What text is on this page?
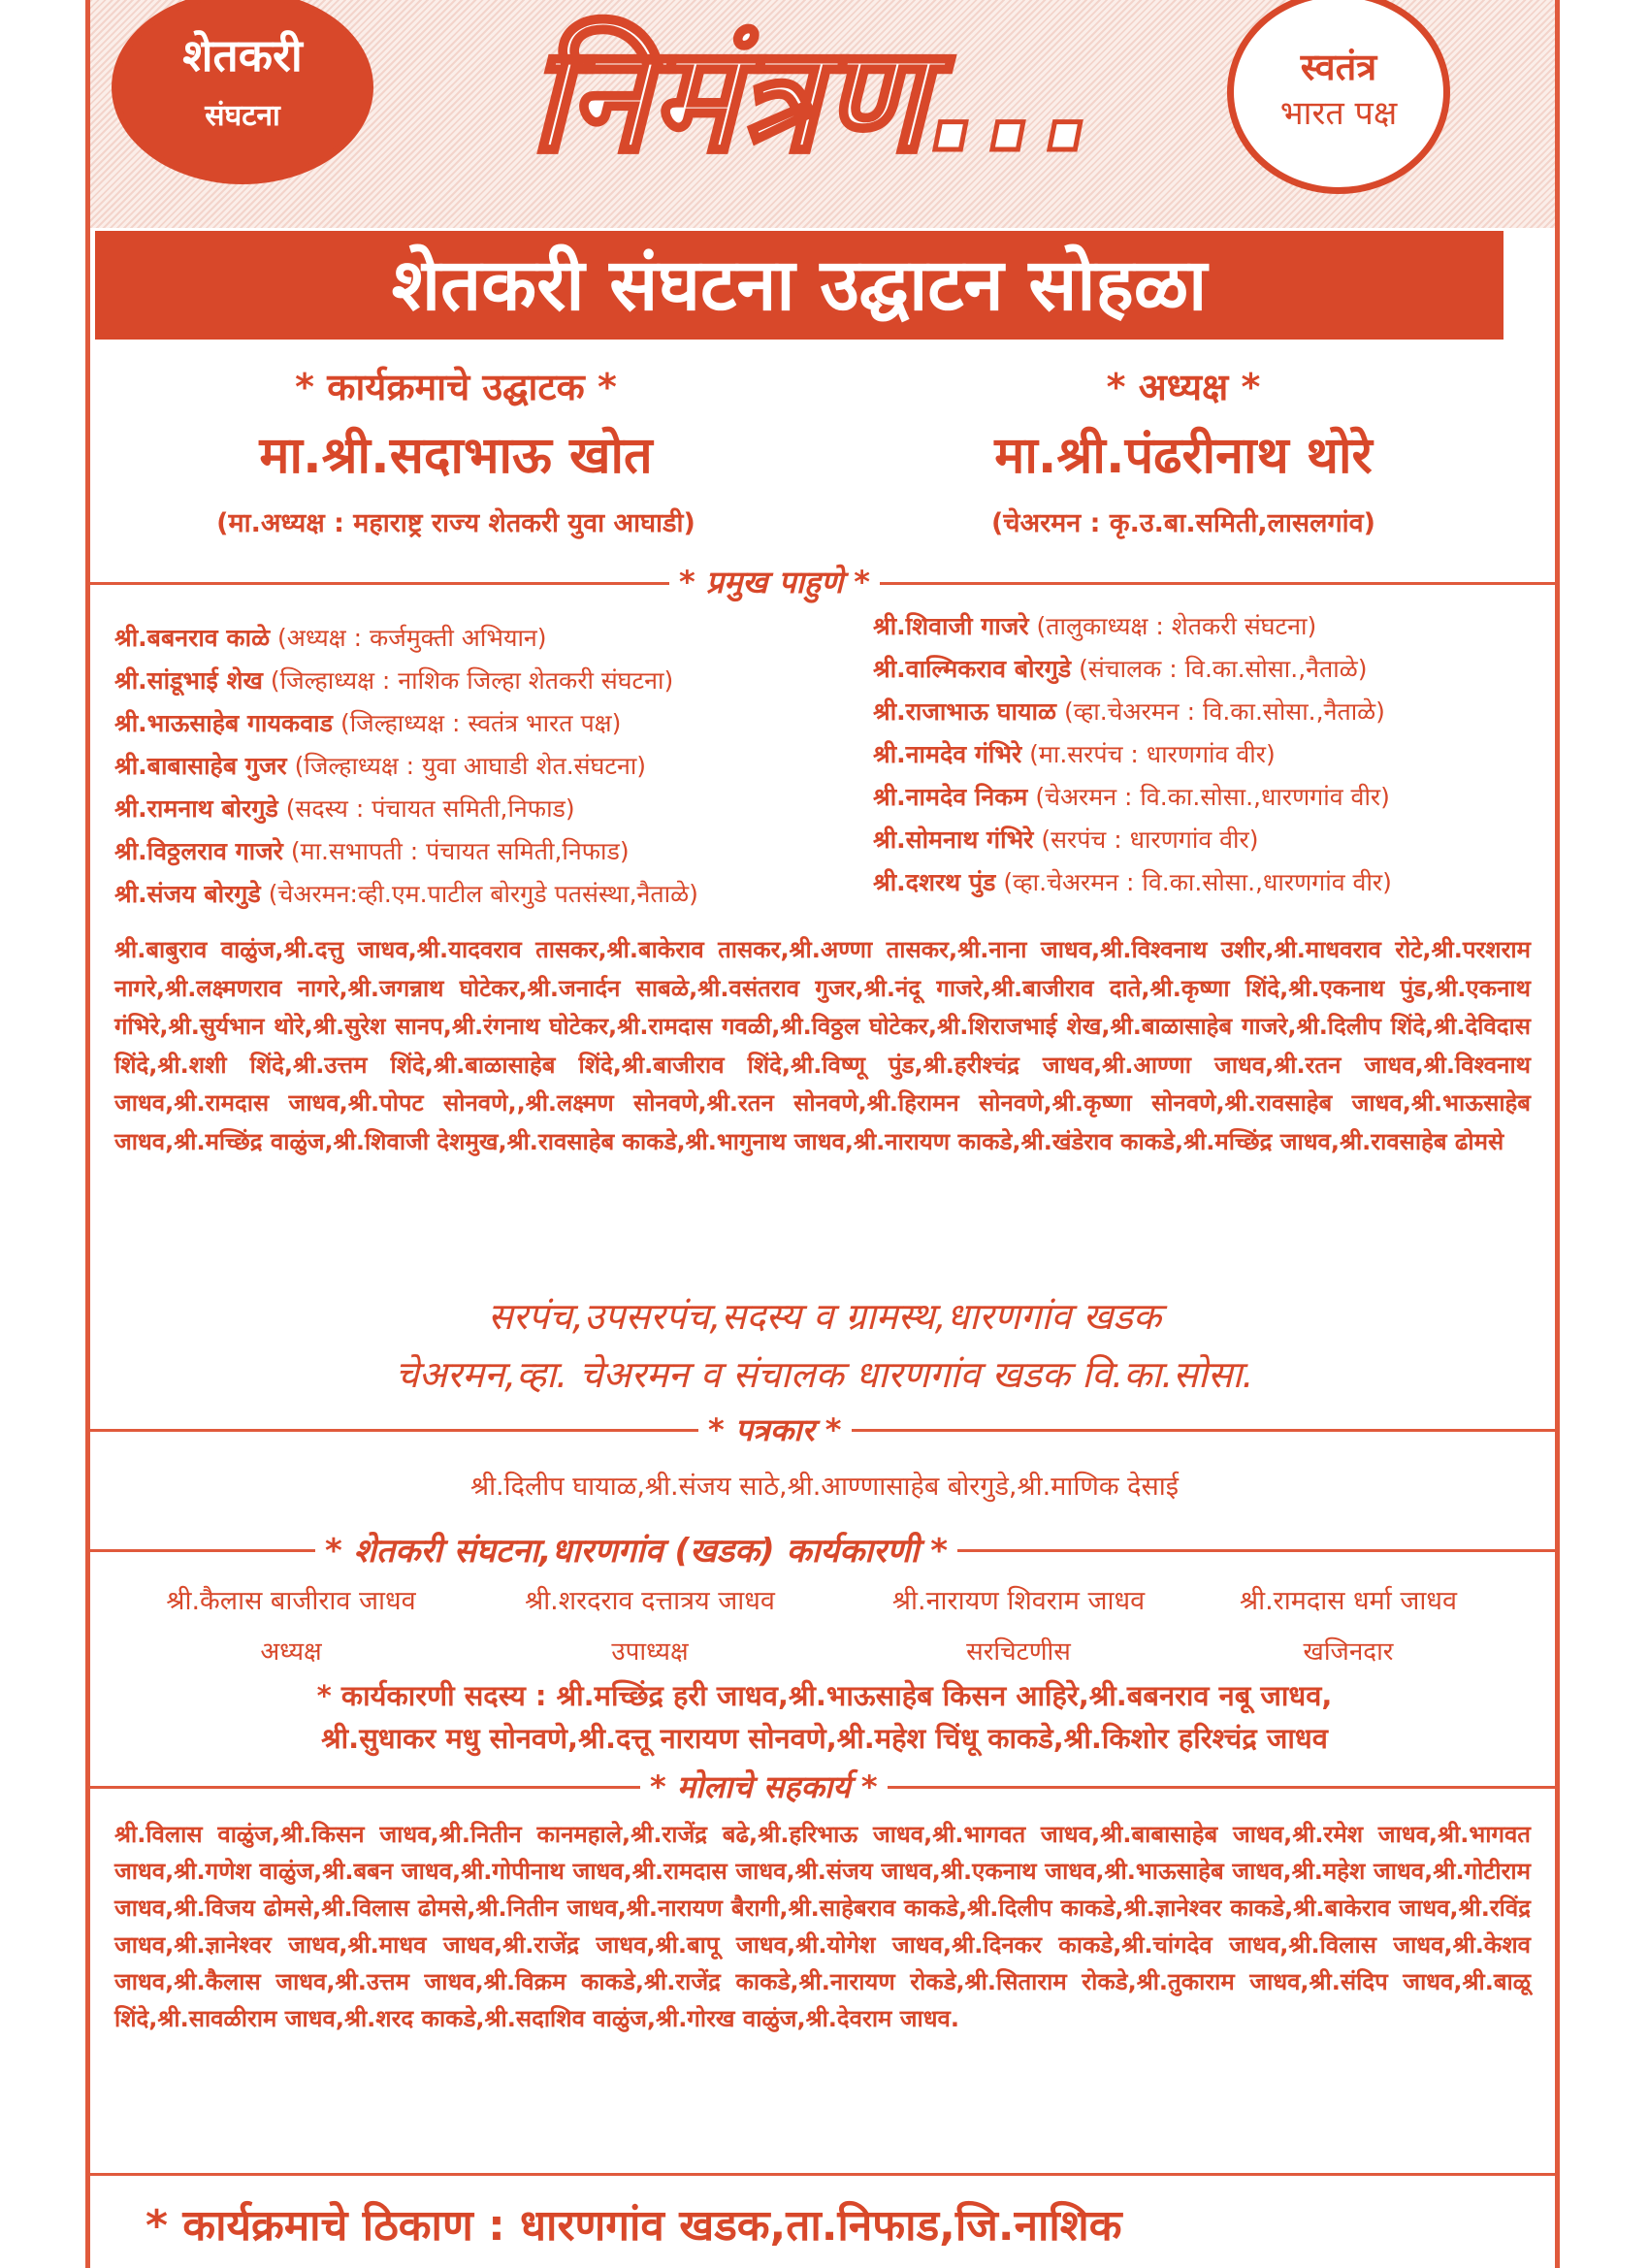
शेतकरी
संघटना	निमंत्रण...	स्वतंत्र
भारत पक्ष
शेतकरी संघटना उद्घाटन सोहळा
* कार्यक्रमाचे उद्घाटक *
मा.श्री.सदाभाऊ खोत
(मा.अध्यक्ष : महाराष्ट्र राज्य शेतकरी युवा आघाडी)
* अध्यक्ष *
मा.श्री.पंढरीनाथ थोरे
(चेअरमन : कृ.उ.बा.समिती,लासलगांव)
* प्रमुख पाहुणे *
श्री.बबनराव काळे (अध्यक्ष : कर्जमुक्ती अभियान)
श्री.सांडूभाई शेख (जिल्हाध्यक्ष : नाशिक जिल्हा शेतकरी संघटना)
श्री.भाऊसाहेब गायकवाड (जिल्हाध्यक्ष : स्वतंत्र भारत पक्ष)
श्री.बाबासाहेब गुजर (जिल्हाध्यक्ष : युवा आघाडी शेत.संघटना)
श्री.रामनाथ बोरगुडे (सदस्य : पंचायत समिती,निफाड)
श्री.विठ्ठलराव गाजरे (मा.सभापती : पंचायत समिती,निफाड)
श्री.संजय बोरगुडे (चेअरमन:व्ही.एम.पाटील बोरगुडे पतसंस्था,नैताळे)
श्री.शिवाजी गाजरे (तालुकाध्यक्ष : शेतकरी संघटना)
श्री.वाल्मिकराव बोरगुडे (संचालक : वि.का.सोसा.,नैताळे)
श्री.राजाभाऊ घायाळ (व्हा.चेअरमन : वि.का.सोसा.,नैताळे)
श्री.नामदेव गंभिरे (मा.सरपंच : धारणगांव वीर)
श्री.नामदेव निकम (चेअरमन : वि.का.सोसा.,धारणगांव वीर)
श्री.सोमनाथ गंभिरे (सरपंच : धारणगांव वीर)
श्री.दशरथ पुंड (व्हा.चेअरमन : वि.का.सोसा.,धारणगांव वीर)
श्री.बाबुराव वाळुंज,श्री.दत्तु जाधव,श्री.यादवराव तासकर,श्री.बाकेराव तासकर,श्री.अण्णा तासकर,श्री.नाना जाधव,श्री.विश्वनाथ उशीर,श्री.माधवराव रोटे,श्री.परशराम नागरे,श्री.लक्ष्मणराव नागरे,श्री.जगन्नाथ घोटेकर,श्री.जनार्दन साबळे,श्री.वसंतराव गुजर,श्री.नंदू गाजरे,श्री.बाजीराव दाते,श्री.कृष्णा शिंदे,श्री.एकनाथ पुंड,श्री.एकनाथ गंभिरे,श्री.सुर्यभान थोरे,श्री.सुरेश सानप,श्री.रंगनाथ घोटेकर,श्री.रामदास गवळी,श्री.विठ्ठल घोटेकर,श्री.शिराजभाई शेख,श्री.बाळासाहेब गाजरे,श्री.दिलीप शिंदे,श्री.देविदास शिंदे,श्री.शशी शिंदे,श्री.उत्तम शिंदे,श्री.बाळासाहेब शिंदे,श्री.बाजीराव शिंदे,श्री.विष्णू पुंड,श्री.हरीश्चंद्र जाधव,श्री.आण्णा जाधव,श्री.रतन जाधव,श्री.विश्वनाथ जाधव,श्री.रामदास जाधव,श्री.पोपट सोनवणे,,श्री.लक्ष्मण सोनवणे,श्री.रतन सोनवणे,श्री.हिरामन सोनवणे,श्री.कृष्णा सोनवणे,श्री.रावसाहेब जाधव,श्री.भाऊसाहेब जाधव,श्री.मच्छिंद्र वाळुंज,श्री.शिवाजी देशमुख,श्री.रावसाहेब काकडे,श्री.भागुनाथ जाधव,श्री.नारायण काकडे,श्री.खंडेराव काकडे,श्री.मच्छिंद्र जाधव,श्री.रावसाहेब ढोमसे
सरपंच,उपसरपंच,सदस्य व ग्रामस्थ,धारणगांव खडक
चेअरमन,व्हा. चेअरमन व संचालक धारणगांव खडक वि.का.सोसा.
* पत्रकार *
श्री.दिलीप घायाळ,श्री.संजय साठे,श्री.आण्णासाहेब बोरगुडे,श्री.माणिक देसाई
* शेतकरी संघटना,धारणगांव (खडक) कार्यकारणी *
श्री.कैलास बाजीराव जाधव
अध्यक्ष
श्री.शरदराव दत्तात्रय जाधव
उपाध्यक्ष
श्री.नारायण शिवराम जाधव
सरचिटणीस
श्री.रामदास धर्मा जाधव
खजिनदार
* कार्यकारणी सदस्य : श्री.मच्छिंद्र हरी जाधव,श्री.भाऊसाहेब किसन आहिरे,श्री.बबनराव नबू जाधव,
श्री.सुधाकर मधु सोनवणे,श्री.दत्तू नारायण सोनवणे,श्री.महेश चिंधू काकडे,श्री.किशोर हरिश्चंद्र जाधव
* मोलाचे सहकार्य *
श्री.विलास वाळुंज,श्री.किसन जाधव,श्री.नितीन कानमहाले,श्री.राजेंद्र बढे,श्री.हरिभाऊ जाधव,श्री.भागवत जाधव,श्री.बाबासाहेब जाधव,श्री.रमेश जाधव,श्री.भागवत जाधव,श्री.गणेश वाळुंज,श्री.बबन जाधव,श्री.गोपीनाथ जाधव,श्री.रामदास जाधव,श्री.संजय जाधव,श्री.एकनाथ जाधव,श्री.भाऊसाहेब जाधव,श्री.महेश जाधव,श्री.गोटीराम जाधव,श्री.विजय ढोमसे,श्री.विलास ढोमसे,श्री.नितीन जाधव,श्री.नारायण बैरागी,श्री.साहेबराव काकडे,श्री.दिलीप काकडे,श्री.ज्ञानेश्वर काकडे,श्री.बाकेराव जाधव,श्री.रविंद्र जाधव,श्री.ज्ञानेश्वर जाधव,श्री.माधव जाधव,श्री.राजेंद्र जाधव,श्री.बापू जाधव,श्री.योगेश जाधव,श्री.दिनकर काकडे,श्री.चांगदेव जाधव,श्री.विलास जाधव,श्री.केशव जाधव,श्री.कैलास जाधव,श्री.उत्तम जाधव,श्री.विक्रम काकडे,श्री.राजेंद्र काकडे,श्री.नारायण रोकडे,श्री.सिताराम रोकडे,श्री.तुकाराम जाधव,श्री.संदिप जाधव,श्री.बाळू शिंदे,श्री.सावळीराम जाधव,श्री.शरद काकडे,श्री.सदाशिव वाळुंज,श्री.गोरख वाळुंज,श्री.देवराम जाधव.
* कार्यक्रमाचे ठिकाण : धारणगांव खडक,ता.निफाड,जि.नाशिक
